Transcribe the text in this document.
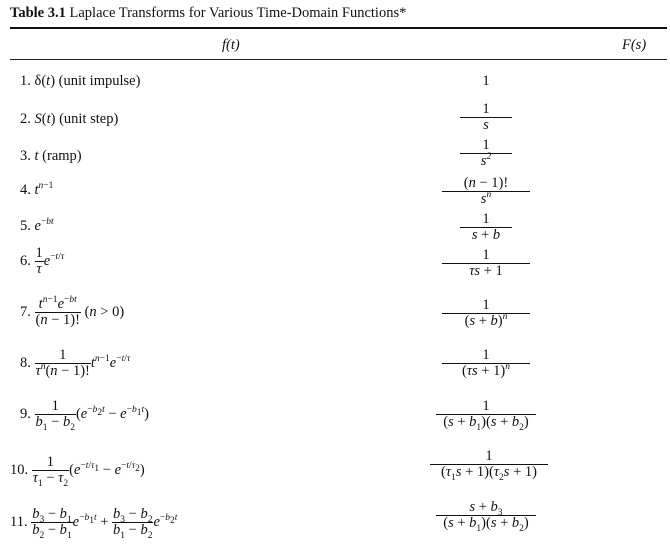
Table 3.1 Laplace Transforms for Various Time-Domain Functions*
f(t)	F(s)
1. δ(t) (unit impulse)	1
2. S(t) (unit step)	$\frac{1}{s}$
3. t (ramp)	$\frac{1}{s^2}$
4. $t^{n-1}$	$\frac{(n - 1)!}{s^n}$
5. $e^{-bt}$	$\frac{1}{s + b}$
6. $\frac{1}{\tau} e^{-t/\tau}$	$\frac{1}{\tau s + 1}$
7. $\frac{t^{n-1}e^{-bt}}{(n - 1)!} (n > 0)$	$\frac{1}{(s + b)^n}$
8. $\frac{1}{\tau^n(n - 1)!} t^{n-1}e^{-t/\tau}$	$\frac{1}{(\tau s + 1)^n}$
9. $\frac{1}{b_1 - b_2} (e^{-b_2t} - e^{-b_1t})$	$\frac{1}{(s + b_1)(s + b_2)}$
10. $\frac{1}{\tau_1 - \tau_2} (e^{-t/\tau_1} - e^{-t/\tau_2})$	$\frac{1}{(\tau_1s + 1)(\tau_2s + 1)}$
11. $\frac{b_3 - b_1}{b_2 - b_1} e^{-b_1t} + \frac{b_3 - b_2}{b_1 - b_2} e^{-b_2t}$	$\frac{s + b_3}{(s + b_1)(s + b_2)}$
